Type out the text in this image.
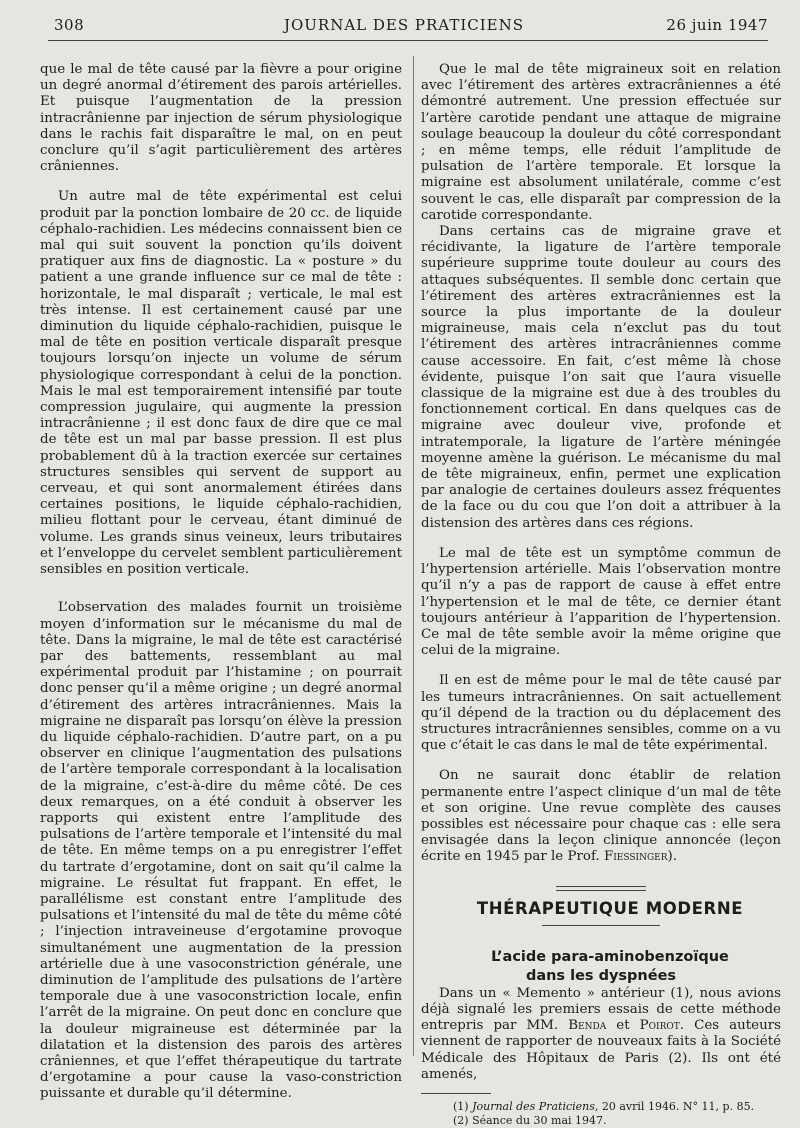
308	JOURNAL DES PRATICIENS	26 juin 1947

que le mal de tête causé par la fièvre a pour origine un degré anormal d’étirement des parois artérielles. Et puisque l’augmentation de la pression intracrânienne par injection de sérum physiologique dans le rachis fait disparaître le mal, on en peut conclure qu’il s’agit particulièrement des artères crâniennes.

Un autre mal de tête expérimental est celui produit par la ponction lombaire de 20 cc. de liquide céphalo-rachidien. Les médecins connaissent bien ce mal qui suit souvent la ponction qu’ils doivent pratiquer aux fins de diagnostic. La « posture » du patient a une grande influence sur ce mal de tête : horizontale, le mal disparaît ; verticale, le mal est très intense. Il est certainement causé par une diminution du liquide céphalo-rachidien, puisque le mal de tête en position verticale disparaît presque toujours lorsqu’on injecte un volume de sérum physiologique correspondant à celui de la ponction. Mais le mal est temporairement intensifié par toute compression jugulaire, qui augmente la pression intracrânienne ; il est donc faux de dire que ce mal de tête est un mal par basse pression. Il est plus probablement dû à la traction exercée sur certaines structures sensibles qui servent de support au cerveau, et qui sont anormalement étirées dans certaines positions, le liquide céphalo-rachidien, milieu flottant pour le cerveau, étant diminué de volume. Les grands sinus veineux, leurs tributaires et l’enveloppe du cervelet semblent particulièrement sensibles en position verticale.

L’observation des malades fournit un troisième moyen d’information sur le mécanisme du mal de tête. Dans la migraine, le mal de tête est caractérisé par des battements, ressemblant au mal expérimental produit par l’histamine ; on pourrait donc penser qu’il a même origine ; un degré anormal d’étirement des artères intracrâniennes. Mais la migraine ne disparaît pas lorsqu’on élève la pression du liquide céphalo-rachidien. D’autre part, on a pu observer en clinique l’augmentation des pulsations de l’artère temporale correspondant à la localisation de la migraine, c’est-à-dire du même côté. De ces deux remarques, on a été conduit à observer les rapports qui existent entre l’amplitude des pulsations de l’artère temporale et l’intensité du mal de tête. En même temps on a pu enregistrer l’effet du tartrate d’ergotamine, dont on sait qu’il calme la migraine. Le résultat fut frappant. En effet, le parallélisme est constant entre l’amplitude des pulsations et l’intensité du mal de tête du même côté ; l’injection intraveineuse d’ergotamine provoque simultanément une augmentation de la pression artérielle due à une vasoconstriction générale, une diminution de l’amplitude des pulsations de l’artère temporale due à une vasoconstriction locale, enfin l’arrêt de la migraine. On peut donc en conclure que la douleur migraineuse est déterminée par la dilatation et la distension des parois des artères crâniennes, et que l’effet thérapeutique du tartrate d’ergotamine a pour cause la vaso-constriction puissante et durable qu’il détermine.

Que le mal de tête migraineux soit en relation avec l’étirement des artères extracrâniennes a été démontré autrement. Une pression effectuée sur l’artère carotide pendant une attaque de migraine soulage beaucoup la douleur du côté correspondant ; en même temps, elle réduit l’amplitude de pulsation de l’artère temporale. Et lorsque la migraine est absolument unilatérale, comme c’est souvent le cas, elle disparaît par compression de la carotide correspondante.

Dans certains cas de migraine grave et récidivante, la ligature de l’artère temporale supérieure supprime toute douleur au cours des attaques subséquentes. Il semble donc certain que l’étirement des artères extracrâniennes est la source la plus importante de la douleur migraineuse, mais cela n’exclut pas du tout l’étirement des artères intracrâniennes comme cause accessoire. En fait, c’est même là chose évidente, puisque l’on sait que l’aura visuelle classique de la migraine est due à des troubles du fonctionnement cortical. En dans quelques cas de migraine avec douleur vive, profonde et intratemporale, la ligature de l’artère méningée moyenne amène la guérison. Le mécanisme du mal de tête migraineux, enfin, permet une explication par analogie de certaines douleurs assez fréquentes de la face ou du cou que l’on doit a attribuer à la distension des artères dans ces régions.

Le mal de tête est un symptôme commun de l’hypertension artérielle. Mais l’observation montre qu’il n’y a pas de rapport de cause à effet entre l’hypertension et le mal de tête, ce dernier étant toujours antérieur à l’apparition de l’hypertension. Ce mal de tête semble avoir la même origine que celui de la migraine.

Il en est de même pour le mal de tête causé par les tumeurs intracrâniennes. On sait actuellement qu’il dépend de la traction ou du déplacement des structures intracrâniennes sensibles, comme on a vu que c’était le cas dans le mal de tête expérimental.

On ne saurait donc établir de relation permanente entre l’aspect clinique d’un mal de tête et son origine. Une revue complète des causes possibles est nécessaire pour chaque cas : elle sera envisagée dans la leçon clinique annoncée (leçon écrite en 1945 par le Prof. Fiessinger).

THÉRAPEUTIQUE MODERNE

L’acide para-aminobenzoïque
dans les dyspnées

Dans un « Memento » antérieur (1), nous avions déjà signalé les premiers essais de cette méthode entrepris par MM. Benda et Poirot. Ces auteurs viennent de rapporter de nouveaux faits à la Société Médicale des Hôpitaux de Paris (2). Ils ont été amenés,

(1) Journal des Praticiens, 20 avril 1946. N° 11, p. 85.

(2) Séance du 30 mai 1947.
